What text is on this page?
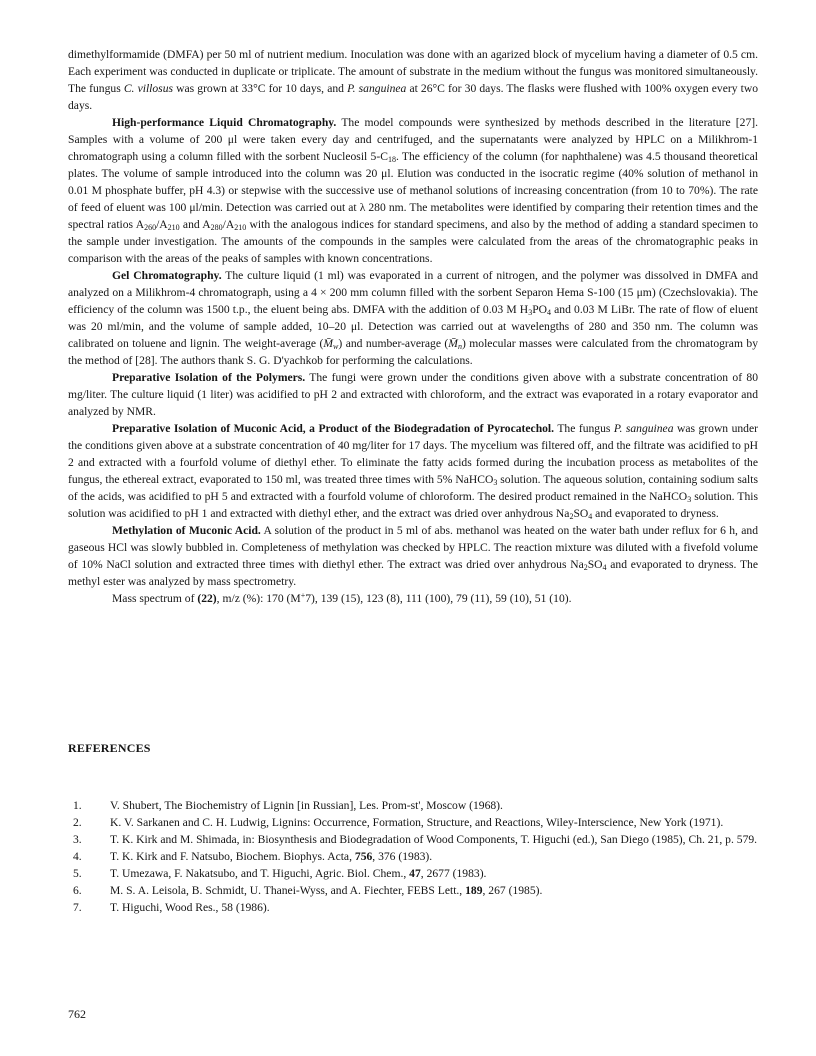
dimethylformamide (DMFA) per 50 ml of nutrient medium. Inoculation was done with an agarized block of mycelium having a diameter of 0.5 cm. Each experiment was conducted in duplicate or triplicate. The amount of substrate in the medium without the fungus was monitored simultaneously. The fungus C. villosus was grown at 33°C for 10 days, and P. sanguinea at 26°C for 30 days. The flasks were flushed with 100% oxygen every two days.

High-performance Liquid Chromatography. The model compounds were synthesized by methods described in the literature [27]. Samples with a volume of 200 μl were taken every day and centrifuged, and the supernatants were analyzed by HPLC on a Milikhrom-1 chromatograph using a column filled with the sorbent Nucleosil $5-C_{18}$. The efficiency of the column (for naphthalene) was 4.5 thousand theoretical plates. The volume of sample introduced into the column was 20 μl. Elution was conducted in the isocratic regime (40% solution of methanol in 0.01 M phosphate buffer, pH 4.3) or stepwise with the successive use of methanol solutions of increasing concentration (from 10 to 70%). The rate of feed of eluent was 100 μl/min. Detection was carried out at λ 280 nm. The metabolites were identified by comparing their retention times and the spectral ratios $A_{260}/A_{210}$ and $A_{280}/A_{210}$ with the analogous indices for standard specimens, and also by the method of adding a standard specimen to the sample under investigation. The amounts of the compounds in the samples were calculated from the areas of the chromatographic peaks in comparison with the areas of the peaks of samples with known concentrations.

Gel Chromatography. The culture liquid (1 ml) was evaporated in a current of nitrogen, and the polymer was dissolved in DMFA and analyzed on a Milikhrom-4 chromatograph, using a 4 × 200 mm column filled with the sorbent Separon Hema S-100 (15 μm) (Czechslovakia). The efficiency of the column was 1500 t.p., the eluent being abs. DMFA with the addition of 0.03 M $H_3PO_4$ and 0.03 M LiBr. The rate of flow of eluent was 20 ml/min, and the volume of sample added, 10–20 μl. Detection was carried out at wavelengths of 280 and 350 nm. The column was calibrated on toluene and lignin. The weight-average $(M̄_w)$ and number-average $(M̄_n)$ molecular masses were calculated from the chromatogram by the method of [28]. The authors thank S. G. D'yachkob for performing the calculations.

Preparative Isolation of the Polymers. The fungi were grown under the conditions given above with a substrate concentration of 80 mg/liter. The culture liquid (1 liter) was acidified to pH 2 and extracted with chloroform, and the extract was evaporated in a rotary evaporator and analyzed by NMR.

Preparative Isolation of Muconic Acid, a Product of the Biodegradation of Pyrocatechol. The fungus P. sanguinea was grown under the conditions given above at a substrate concentration of 40 mg/liter for 17 days. The mycelium was filtered off, and the filtrate was acidified to pH 2 and extracted with a fourfold volume of diethyl ether. To eliminate the fatty acids formed during the incubation process as metabolites of the fungus, the ethereal extract, evaporated to 150 ml, was treated three times with 5% NaHCO$_3$ solution. The aqueous solution, containing sodium salts of the acids, was acidified to pH 5 and extracted with a fourfold volume of chloroform. The desired product remained in the NaHCO$_3$ solution. This solution was acidified to pH 1 and extracted with diethyl ether, and the extract was dried over anhydrous $Na_2SO_4$ and evaporated to dryness.

Methylation of Muconic Acid. A solution of the product in 5 ml of abs. methanol was heated on the water bath under reflux for 6 h, and gaseous HCl was slowly bubbled in. Completeness of methylation was checked by HPLC. The reaction mixture was diluted with a fivefold volume of 10% NaCl solution and extracted three times with diethyl ether. The extract was dried over anhydrous $Na_2SO_4$ and evaporated to dryness. The methyl ester was analyzed by mass spectrometry.

Mass spectrum of (22), m/z (%): 170 (M+7), 139 (15), 123 (8), 111 (100), 79 (11), 59 (10), 51 (10).

REFERENCES
1.	V. Shubert, The Biochemistry of Lignin [in Russian], Les. Prom-st', Moscow (1968).
2.	K. V. Sarkanen and C. H. Ludwig, Lignins: Occurrence, Formation, Structure, and Reactions, Wiley-Interscience, New York (1971).
3.	T. K. Kirk and M. Shimada, in: Biosynthesis and Biodegradation of Wood Components, T. Higuchi (ed.), San Diego (1985), Ch. 21, p. 579.
4.	T. K. Kirk and F. Natsubo, Biochem. Biophys. Acta, 756, 376 (1983).
5.	T. Umezawa, F. Nakatsubo, and T. Higuchi, Agric. Biol. Chem., 47, 2677 (1983).
6.	M. S. A. Leisola, B. Schmidt, U. Thanei-Wyss, and A. Fiechter, FEBS Lett., 189, 267 (1985).
7.	T. Higuchi, Wood Res., 58 (1986).
762
